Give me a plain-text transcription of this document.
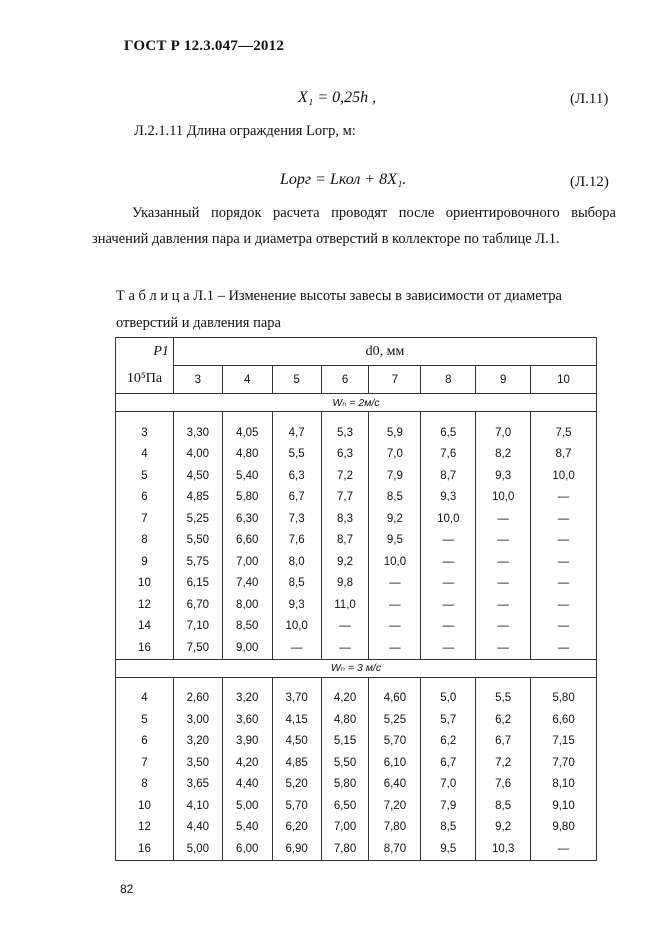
ГОСТ Р 12.3.047—2012
X₁ = 0,25h ,	(Л.11)
Л.2.1.11 Длина ограждения Lогр, м:
Lорг = Lкол + 8X₁.	(Л.12)
Указанный порядок расчета проводят после ориентировочного выбора значений давления пара и диаметра отверстий в коллекторе по таблице Л.1.
Т а б л и ц а Л.1 – Изменение высоты завесы в зависимости от диаметра отверстий и давления пара
P1	d0, мм							
10⁵Па	3	4	5	6	7	8	9	10
Wₙ = 2м/с								

3	3,30	4,05	4,7	5,3	5,9	6,5	7,0	7,5
4	4,00	4,80	5,5	6,3	7,0	7,6	8,2	8,7
5	4,50	5,40	6,3	7,2	7,9	8,7	9,3	10,0
6	4,85	5,80	6,7	7,7	8,5	9,3	10,0	—
7	5,25	6,30	7,3	8,3	9,2	10,0	—	—
8	5,50	6,60	7,6	8,7	9,5	—	—	—
9	5,75	7,00	8,0	9,2	10,0	—	—	—
10	6,15	7,40	8,5	9,8	—	—	—	—
12	6,70	8,00	9,3	11,0	—	—	—	—
14	7,10	8,50	10,0	—	—	—	—	—
16	7,50	9,00	—	—	—	—	—	—
Wₙ = 3 м/с								

4	2,60	3,20	3,70	4,20	4,60	5,0	5,5	5,80
5	3,00	3,60	4,15	4,80	5,25	5,7	6,2	6,60
6	3,20	3,90	4,50	5,15	5,70	6,2	6,7	7,15
7	3,50	4,20	4,85	5,50	6,10	6,7	7,2	7,70
8	3,65	4,40	5,20	5,80	6,40	7,0	7,6	8,10
10	4,10	5,00	5,70	6,50	7,20	7,9	8,5	9,10
12	4,40	5,40	6,20	7,00	7,80	8,5	9,2	9,80
16	5,00	6,00	6,90	7,80	8,70	9,5	10,3	—
82
